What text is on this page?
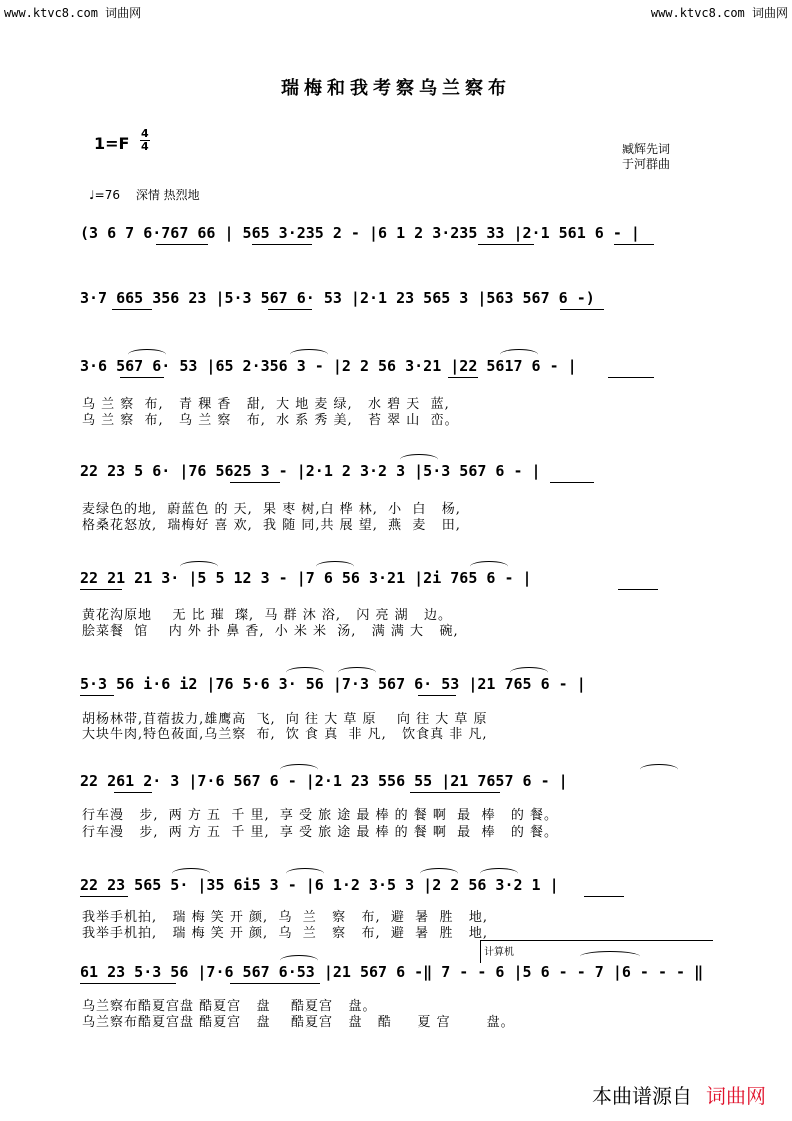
www.ktvc8.com 词曲网	www.ktvc8.com 词曲网
瑞梅和我考察乌兰察布
1=F
4
4	臧辉先词
于河群曲
♩=76 深情 热烈地
(3 6 7 6·767 66 | 565 3·235 2 - |6 1 2 3·235 33 |2·1 561 6 - |
3·7 665 356 23 |5·3 567 6· 53 |2·1 23 565 3 |563 567 6 -)
3·6 567 6· 53 |65 2·356 3 - |2 2 56 3·21 |22 5617 6 - |
乌 兰 察  布,   青 稞 香   甜,  大 地 麦 绿,   水 碧 天  蓝,
乌 兰 察  布,   乌 兰 察   布,  水 系 秀 美,   苔 翠 山  峦。
22 23 5 6· |76 5625 3 - |2·1 2 3·2 3 |5·3 567 6 - |
麦绿色的地,  蔚蓝色 的 天,  果 枣 树,白 桦 林,  小  白   杨,
格桑花怒放,  瑞梅好 喜 欢,  我 随 同,共 展 望,  燕  麦   田,
22 21 21 3· |5 5 12 3 - |7 6 56 3·21 |2i 765 6 - |
黄花沟原地    无 比 璀  璨,  马 群 沐 浴,   闪 亮 湖   边。
脍菜餐  馆    内 外 扑 鼻 香,  小 米 米  汤,   满 满 大   碗,
5·3 56 i·6 i2 |76 5·6 3· 56 |7·3 567 6· 53 |21 765 6 - |
胡杨林带,苜蓿拔力,雄鹰高  飞,  向 往 大 草 原    向 往 大 草 原
大块牛肉,特色莜面,乌兰察  布,  饮 食 真  非 凡,   饮食真 非 凡,
22 261 2· 3 |7·6 567 6 - |2·1 23 556 55 |21 7657 6 - |
行车漫   步,  两 方 五  千 里,  享 受 旅 途 最 棒 的 餐 啊  最  棒   的 餐。
行车漫   步,  两 方 五  千 里,  享 受 旅 途 最 棒 的 餐 啊  最  棒   的 餐。
22 23 565 5· |35 6i5 3 - |6 1·2 3·5 3 |2 2 56 3·2 1 |
我举手机拍,   瑞 梅 笑 开 颜,  乌  兰   察   布,  避  暑  胜   地,
我举手机拍,   瑞 梅 笑 开 颜,  乌  兰   察   布,  避  暑  胜   地,
计算机
61 23 5·3 56 |7·6 567 6·53 |21 567 6 -‖ 7 - - 6 |5 6 - - 7 |6 - - - ‖
乌兰察布酷夏宫盘 酷夏宫   盘    酷夏宫   盘。
乌兰察布酷夏宫盘 酷夏宫   盘    酷夏宫   盘   酷     夏 宫       盘。
本曲谱源自 词曲网
